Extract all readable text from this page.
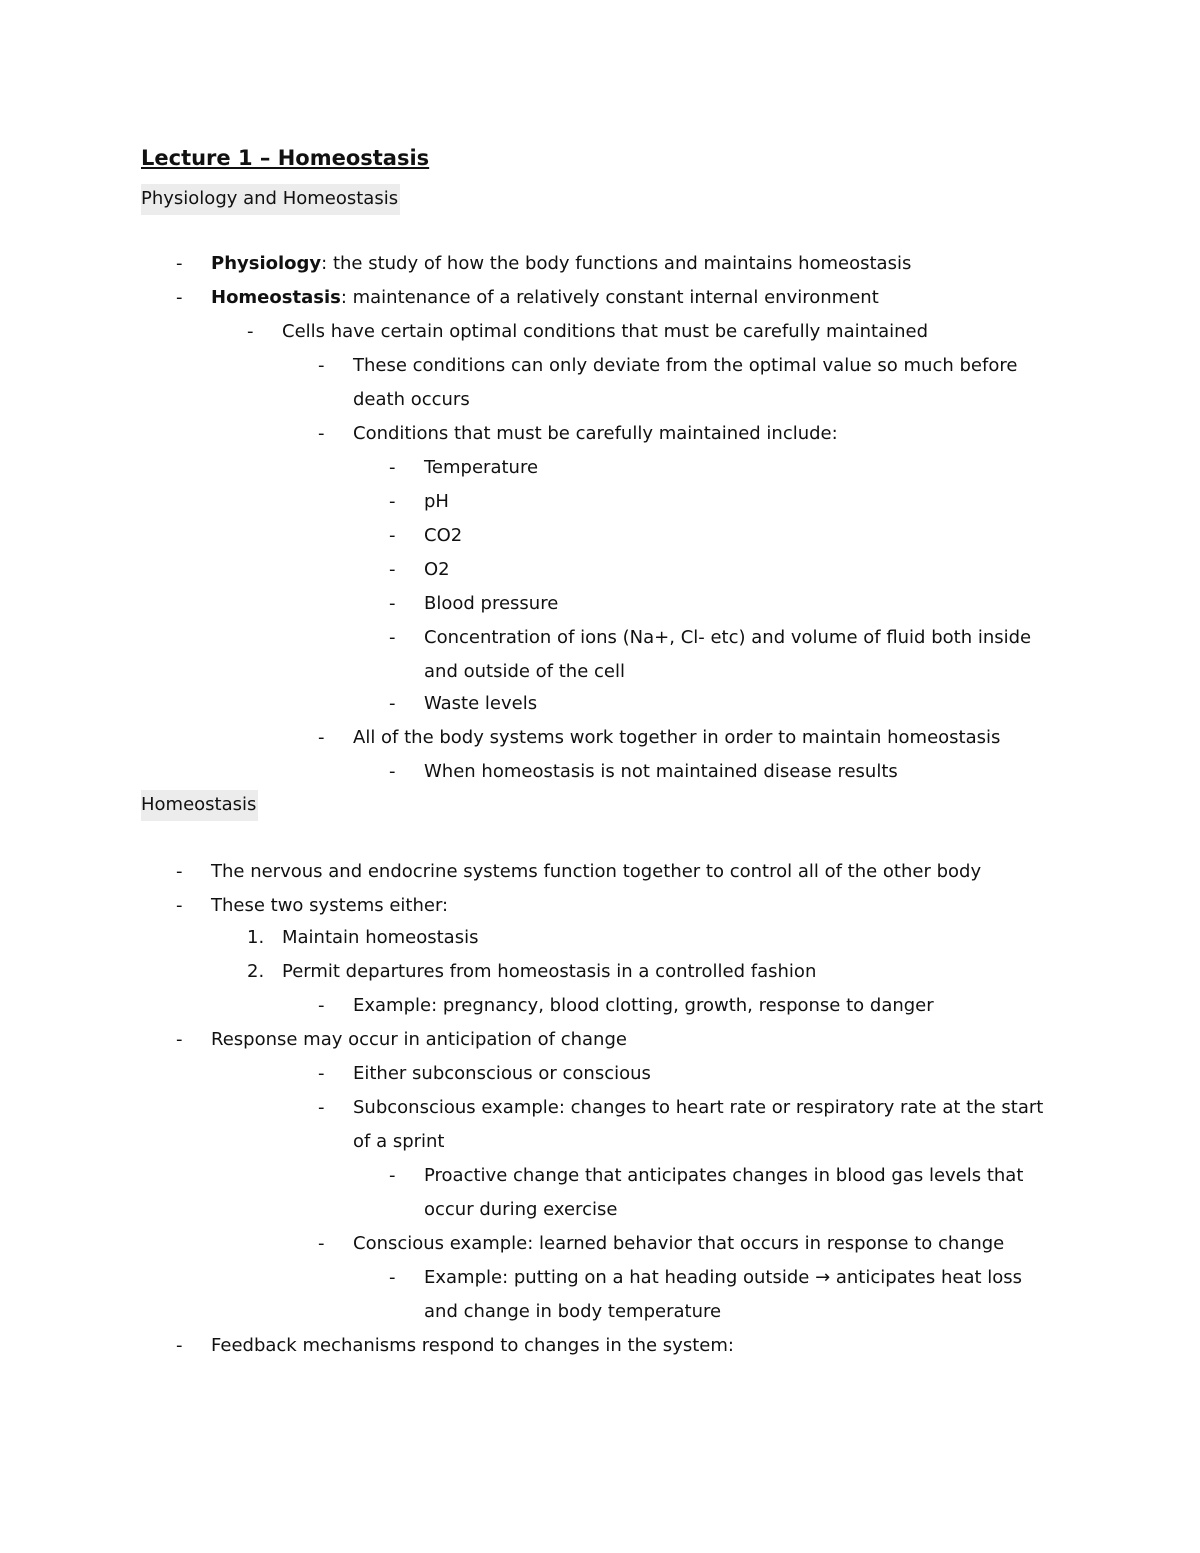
Lecture 1 – Homeostasis
Physiology and Homeostasis
-	Physiology: the study of how the body functions and maintains homeostasis
-	Homeostasis: maintenance of a relatively constant internal environment
-	Cells have certain optimal conditions that must be carefully maintained
-	These conditions can only deviate from the optimal value so much before
death occurs
-	Conditions that must be carefully maintained include:
-	Temperature
-	pH
-	CO2
-	O2
-	Blood pressure
-	Concentration of ions (Na+, Cl- etc) and volume of fluid both inside
and outside of the cell
-	Waste levels
-	All of the body systems work together in order to maintain homeostasis
-	When homeostasis is not maintained disease results
Homeostasis
-	The nervous and endocrine systems function together to control all of the other body
-	These two systems either:
1. Maintain homeostasis
2. Permit departures from homeostasis in a controlled fashion
-	Example: pregnancy, blood clotting, growth, response to danger
-	Response may occur in anticipation of change
-	Either subconscious or conscious
-	Subconscious example: changes to heart rate or respiratory rate at the start
of a sprint
-	Proactive change that anticipates changes in blood gas levels that
occur during exercise
-	Conscious example: learned behavior that occurs in response to change
-	Example: putting on a hat heading outside → anticipates heat loss
and change in body temperature
-	Feedback mechanisms respond to changes in the system:
